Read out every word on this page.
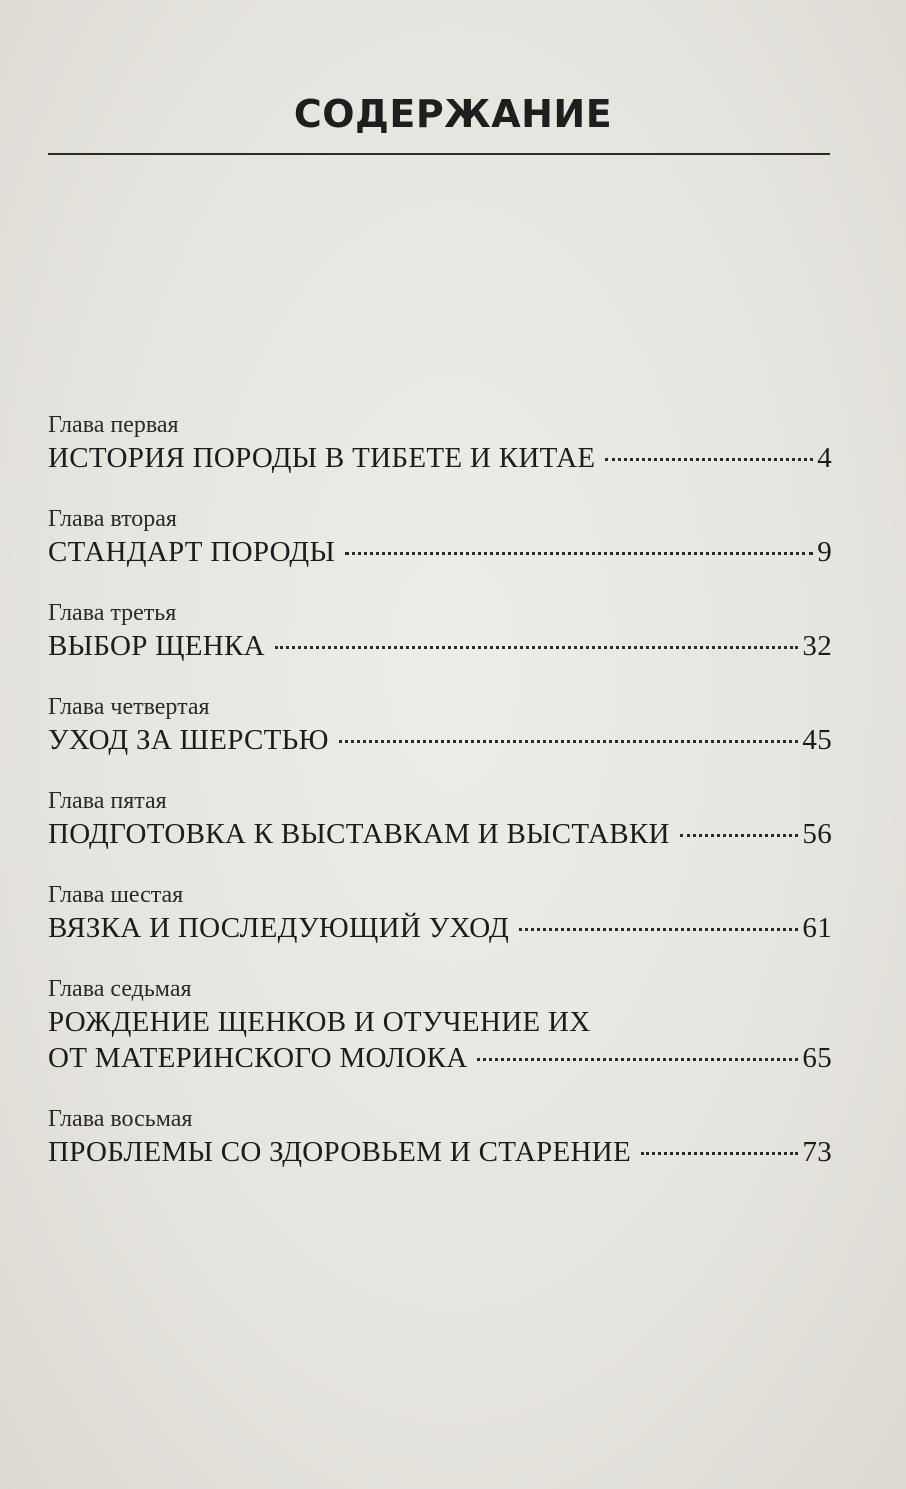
СОДЕРЖАНИЕ
Глава первая
ИСТОРИЯ ПОРОДЫ В ТИБЕТЕ И КИТАЕ	4
Глава вторая
СТАНДАРТ ПОРОДЫ	9
Глава третья
ВЫБОР ЩЕНКА	32
Глава четвертая
УХОД ЗА ШЕРСТЬЮ	45
Глава пятая
ПОДГОТОВКА К ВЫСТАВКАМ И ВЫСТАВКИ	56
Глава шестая
ВЯЗКА И ПОСЛЕДУЮЩИЙ УХОД	61
Глава седьмая
РОЖДЕНИЕ ЩЕНКОВ И ОТУЧЕНИЕ ИХ
ОТ МАТЕРИНСКОГО МОЛОКА	65
Глава восьмая
ПРОБЛЕМЫ СО ЗДОРОВЬЕМ И СТАРЕНИЕ	73
